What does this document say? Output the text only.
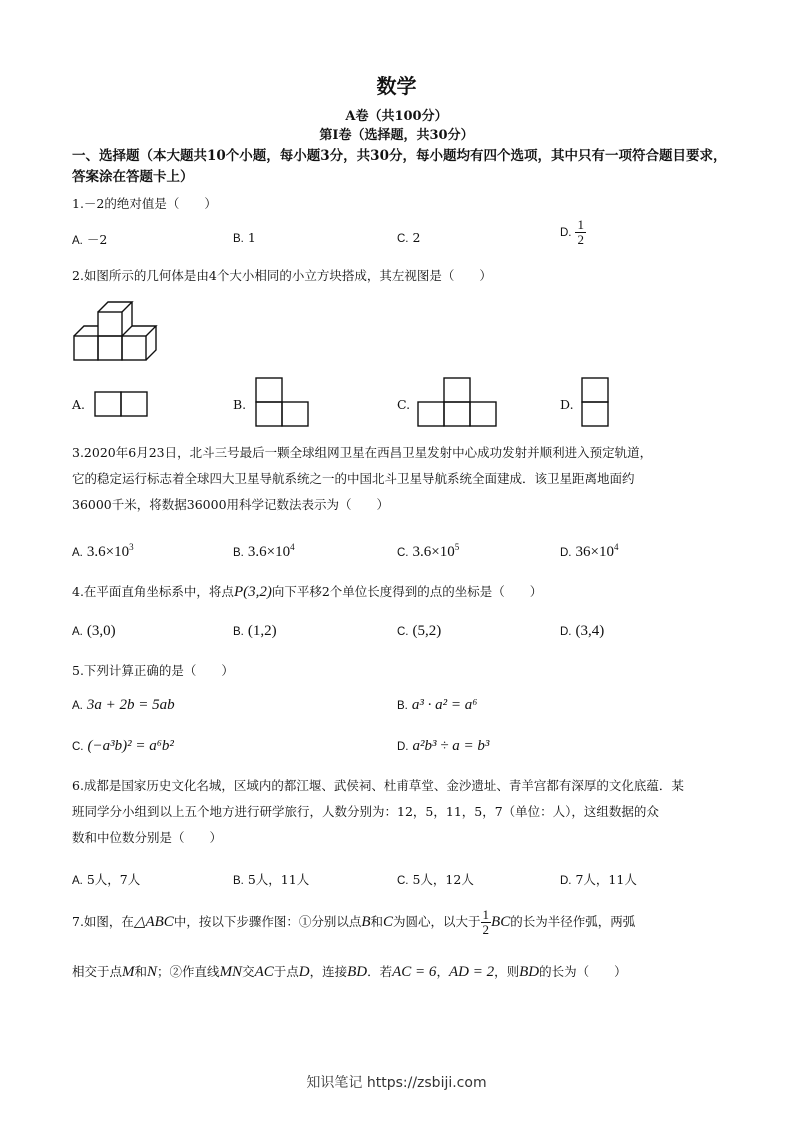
数学
A卷（共100分）
第Ⅰ卷（选择题，共30分）
一、选择题（本大题共10个小题，每小题3分，共30分，每小题均有四个选项，其中只有一项符合题目要求，答案涂在答题卡上）
1.－2的绝对值是（　　）
A. －2	B. 1	C. 2	D. $\frac{1}{2}$
2.如图所示的几何体是由4个大小相同的小立方块搭成，其左视图是（　　）
A.	B.	C.	D.
3.2020年6月23日，北斗三号最后一颗全球组网卫星在西昌卫星发射中心成功发射并顺利进入预定轨道，
它的稳定运行标志着全球四大卫星导航系统之一的中国北斗卫星导航系统全面建成．该卫星距离地面约
36000千米，将数据36000用科学记数法表示为（　　）
A. $3.6\times 10^3$	B. $3.6\times 10^4$	C. $3.6\times 10^5$	D. $36\times 10^4$
4.在平面直角坐标系中，将点P(3,2)向下平移2个单位长度得到的点的坐标是（　　）
A. (3,0)	B. (1,2)	C. (5,2)	D. (3,4)
5.下列计算正确的是（　　）
A. 3a + 2b = 5ab	B. a³ · a² = a⁶
C. (−a³b)² = a⁶b²	D. a²b³ ÷ a = b³
6.成都是国家历史文化名城，区域内的都江堰、武侯祠、杜甫草堂、金沙遗址、青羊宫都有深厚的文化底蕴．某
班同学分小组到以上五个地方进行研学旅行，人数分别为：12，5，11，5，7（单位：人），这组数据的众
数和中位数分别是（　　）
A. 5人，7人	B. 5人，11人	C. 5人，12人	D. 7人，11人
7.如图，在△ABC中，按以下步骤作图：①分别以点B和C为圆心，以大于 $\frac{1}{2}$ BC的长为半径作弧，两弧
相交于点M和N；②作直线MN交AC于点D，连接BD．若AC = 6，AD = 2，则BD的长为（　　）
知识笔记 https://zsbiji.com
